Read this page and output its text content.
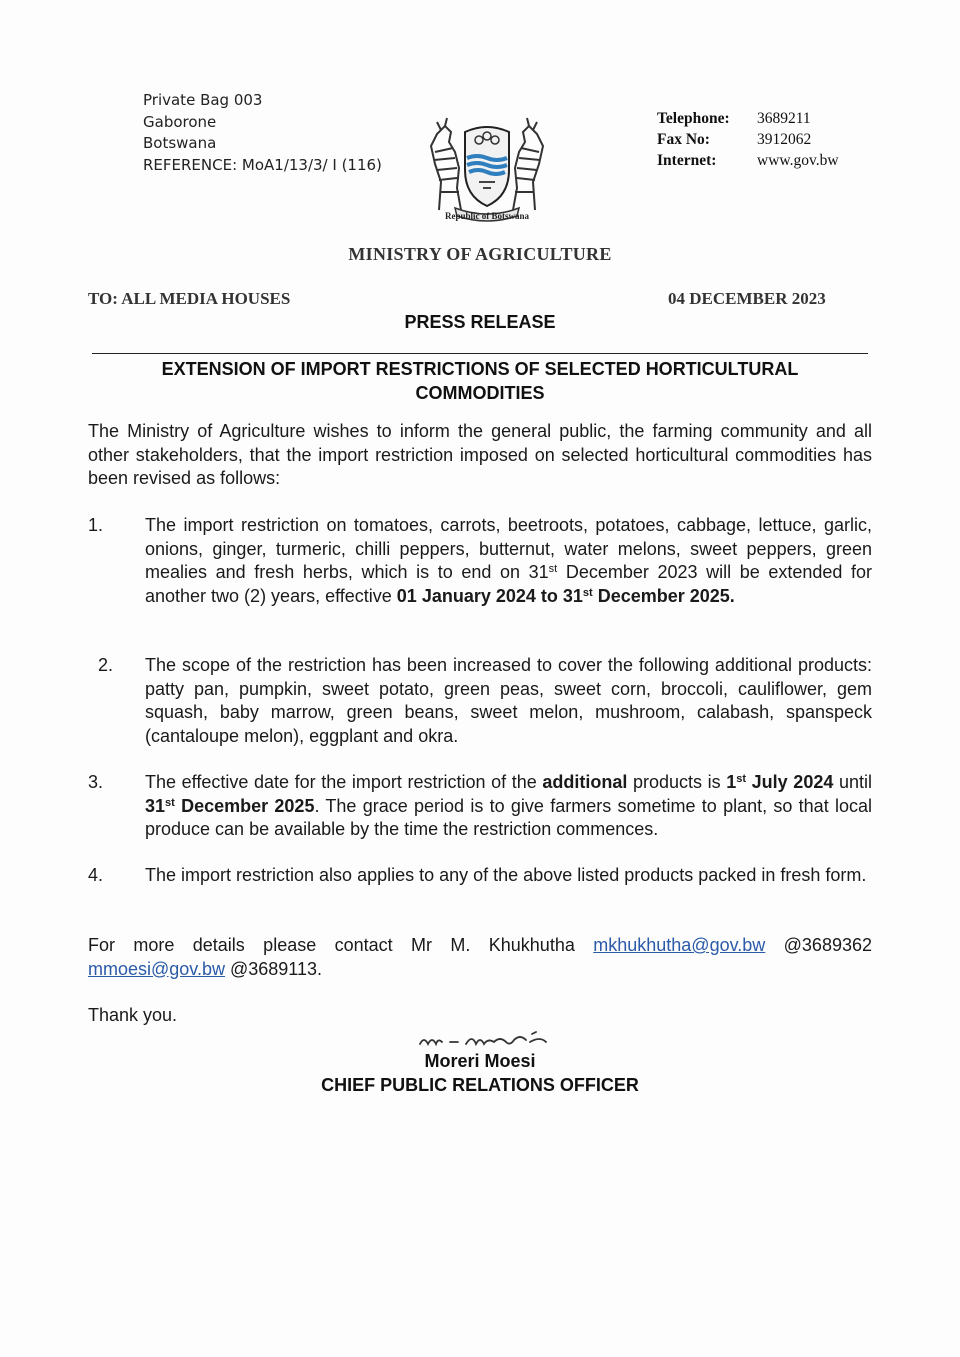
Private Bag 003
Gaborone
Botswana
REFERENCE: MoA1/13/3/ I (116)
Republic of Botswana
Telephone: 3689211
Fax No:	3912062
Internet:	www.gov.bw
MINISTRY OF AGRICULTURE
TO: ALL MEDIA HOUSES	04 DECEMBER 2023
PRESS RELEASE
EXTENSION OF IMPORT RESTRICTIONS OF SELECTED HORTICULTURAL
COMMODITIES
The Ministry of Agriculture wishes to inform the general public, the farming community and all other stakeholders, that the import restriction imposed on selected horticultural commodities has been revised as follows:
1. The import restriction on tomatoes, carrots, beetroots, potatoes, cabbage, lettuce, garlic, onions, ginger, turmeric, chilli peppers, butternut, water melons, sweet peppers, green mealies and fresh herbs, which is to end on 31st December 2023 will be extended for another two (2) years, effective 01 January 2024 to 31st December 2025.
2. The scope of the restriction has been increased to cover the following additional products: patty pan, pumpkin, sweet potato, green peas, sweet corn, broccoli, cauliflower, gem squash, baby marrow, green beans, sweet melon, mushroom, calabash, spanspeck (cantaloupe melon), eggplant and okra.
3. The effective date for the import restriction of the additional products is 1st July 2024 until 31st December 2025. The grace period is to give farmers sometime to plant, so that local produce can be available by the time the restriction commences.
4. The import restriction also applies to any of the above listed products packed in fresh form.
For more details please contact Mr M. Khukhutha mkhukhutha@gov.bw @3689362 mmoesi@gov.bw @3689113.
Thank you.
Moreri Moesi
CHIEF PUBLIC RELATIONS OFFICER
